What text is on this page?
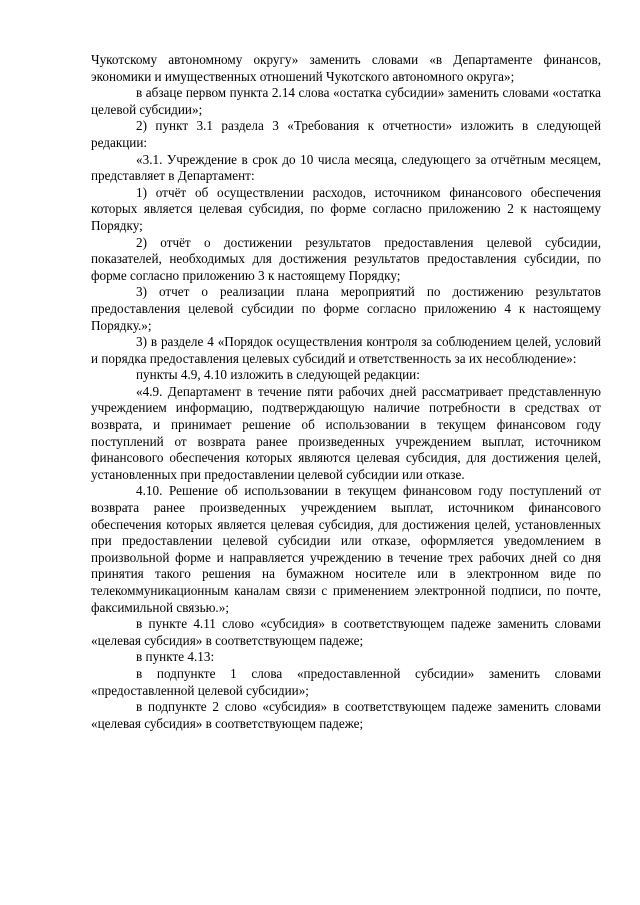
Чукотскому автономному округу» заменить словами «в Департаменте финансов, экономики и имущественных отношений Чукотского автономного округа»;

в абзаце первом пункта 2.14 слова «остатка субсидии» заменить словами «остатка целевой субсидии»;

2) пункт 3.1 раздела 3 «Требования к отчетности» изложить в следующей редакции:

«3.1. Учреждение в срок до 10 числа месяца, следующего за отчётным месяцем, представляет в Департамент:

1) отчёт об осуществлении расходов, источником финансового обеспечения которых является целевая субсидия, по форме согласно приложению 2 к настоящему Порядку;

2) отчёт о достижении результатов предоставления целевой субсидии, показателей, необходимых для достижения результатов предоставления субсидии, по форме согласно приложению 3 к настоящему Порядку;

3) отчет о реализации плана мероприятий по достижению результатов предоставления целевой субсидии по форме согласно приложению 4 к настоящему Порядку.»;

3) в разделе 4 «Порядок осуществления контроля за соблюдением целей, условий и порядка предоставления целевых субсидий и ответственность за их несоблюдение»:

пункты 4.9, 4.10 изложить в следующей редакции:

«4.9. Департамент в течение пяти рабочих дней рассматривает представленную учреждением информацию, подтверждающую наличие потребности в средствах от возврата, и принимает решение об использовании в текущем финансовом году поступлений от возврата ранее произведенных учреждением выплат, источником финансового обеспечения которых являются целевая субсидия, для достижения целей, установленных при предоставлении целевой субсидии или отказе.

4.10. Решение об использовании в текущем финансовом году поступлений от возврата ранее произведенных учреждением выплат, источником финансового обеспечения которых является целевая субсидия, для достижения целей, установленных при предоставлении целевой субсидии или отказе, оформляется уведомлением в произвольной форме и направляется учреждению в течение трех рабочих дней со дня принятия такого решения на бумажном носителе или в электронном виде по телекоммуникационным каналам связи с применением электронной подписи, по почте, факсимильной связью.»;

в пункте 4.11 слово «субсидия» в соответствующем падеже заменить словами «целевая субсидия» в соответствующем падеже;

в пункте 4.13:

в подпункте 1 слова «предоставленной субсидии» заменить словами «предоставленной целевой субсидии»;

в подпункте 2 слово «субсидия» в соответствующем падеже заменить словами «целевая субсидия» в соответствующем падеже;
